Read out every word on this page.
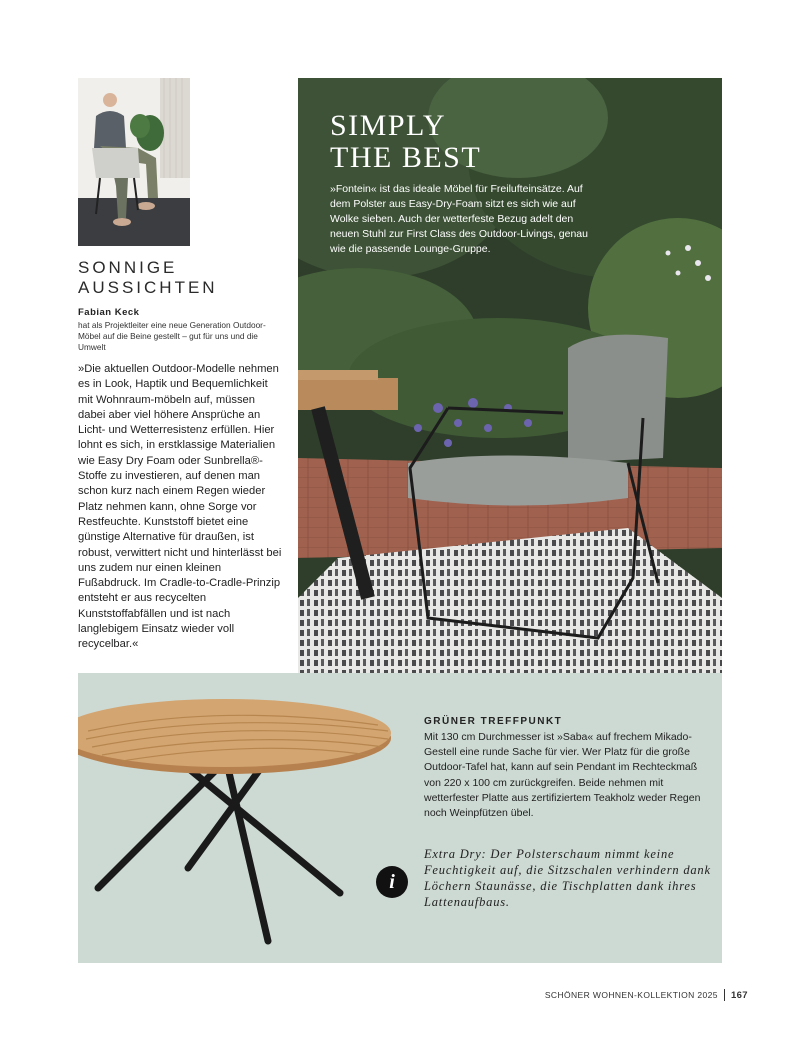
SONNIGE
AUSSICHTEN
Fabian Keck
hat als Projektleiter eine neue Generation Outdoor-Möbel auf die Beine gestellt – gut für uns und die Umwelt
»Die aktuellen Outdoor-Modelle nehmen es in Look, Haptik und Bequemlichkeit mit Wohnraum-möbeln auf, müssen dabei aber viel höhere Ansprüche an Licht- und Wetterresistenz erfüllen. Hier lohnt es sich, in erstklassige Materialien wie Easy Dry Foam oder Sunbrella®-Stoffe zu investieren, auf denen man schon kurz nach einem Regen wieder Platz nehmen kann, ohne Sorge vor Restfeuchte. Kunststoff bietet eine günstige Alternative für draußen, ist robust, verwittert nicht und hinterlässt bei uns zudem nur einen kleinen Fußabdruck. Im Cradle-to-Cradle-Prinzip entsteht er aus recycelten Kunststoffabfällen und ist nach langlebigem Einsatz wieder voll recycelbar.«
SIMPLY
THE BEST
»Fontein« ist das ideale Möbel für Freilufteinsätze. Auf dem Polster aus Easy-Dry-Foam sitzt es sich wie auf Wolke sieben. Auch der wetterfeste Bezug adelt den neuen Stuhl zur First Class des Outdoor-Livings, genau wie die passende Lounge-Gruppe.
GRÜNER TREFFPUNKT
Mit 130 cm Durchmesser ist »Saba« auf frechem Mikado-Gestell eine runde Sache für vier. Wer Platz für die große Outdoor-Tafel hat, kann auf sein Pendant im Rechteckmaß von 220 x 100 cm zurückgreifen. Beide nehmen mit wetterfester Platte aus zertifiziertem Teakholz weder Regen noch Weinpfützen übel.
i
Extra Dry: Der Polsterschaum nimmt keine Feuchtigkeit auf, die Sitzschalen verhindern dank Löchern Staunässe, die Tischplatten dank ihres Lattenaufbaus.
SCHÖNER WOHNEN-KOLLEKTION 2025 167
